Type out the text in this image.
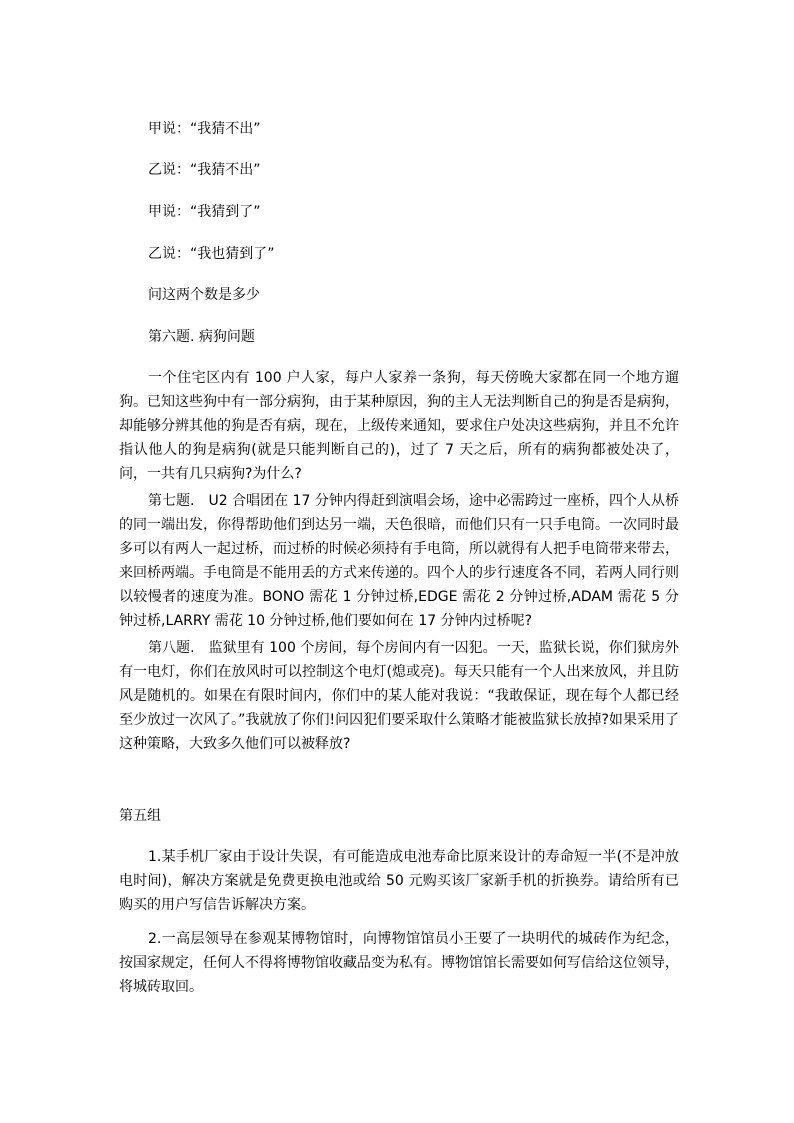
甲说：“我猜不出”

乙说：“我猜不出”

甲说：“我猜到了”

乙说：“我也猜到了”

问这两个数是多少

第六题. 病狗问题

一个住宅区内有 100 户人家，每户人家养一条狗，每天傍晚大家都在同一个地方遛狗。已知这些狗中有一部分病狗，由于某种原因，狗的主人无法判断自己的狗是否是病狗，却能够分辨其他的狗是否有病，现在，上级传来通知，要求住户处决这些病狗，并且不允许指认他人的狗是病狗(就是只能判断自己的)，过了 7 天之后，所有的病狗都被处决了，问，一共有几只病狗?为什么?

第七题.　U2 合唱团在 17 分钟内得赶到演唱会场，途中必需跨过一座桥，四个人从桥的同一端出发，你得帮助他们到达另一端，天色很暗，而他们只有一只手电筒。一次同时最多可以有两人一起过桥，而过桥的时候必须持有手电筒，所以就得有人把手电筒带来带去，来回桥两端。手电筒是不能用丢的方式来传递的。四个人的步行速度各不同，若两人同行则以较慢者的速度为准。BONO 需花 1 分钟过桥,EDGE 需花 2 分钟过桥,ADAM 需花 5 分钟过桥,LARRY 需花 10 分钟过桥,他们要如何在 17 分钟内过桥呢?

第八题.　监狱里有 100 个房间，每个房间内有一囚犯。一天，监狱长说，你们狱房外有一电灯，你们在放风时可以控制这个电灯(熄或亮)。每天只能有一个人出来放风，并且防风是随机的。如果在有限时间内，你们中的某人能对我说：“我敢保证，现在每个人都已经至少放过一次风了。”我就放了你们!问囚犯们要采取什么策略才能被监狱长放掉?如果采用了这种策略，大致多久他们可以被释放?

第五组

1.某手机厂家由于设计失误，有可能造成电池寿命比原来设计的寿命短一半(不是冲放电时间)，解决方案就是免费更换电池或给 50 元购买该厂家新手机的折换券。请给所有已购买的用户写信告诉解决方案。

2.一高层领导在参观某博物馆时，向博物馆馆员小王要了一块明代的城砖作为纪念，按国家规定，任何人不得将博物馆收藏品变为私有。博物馆馆长需要如何写信给这位领导，将城砖取回。
